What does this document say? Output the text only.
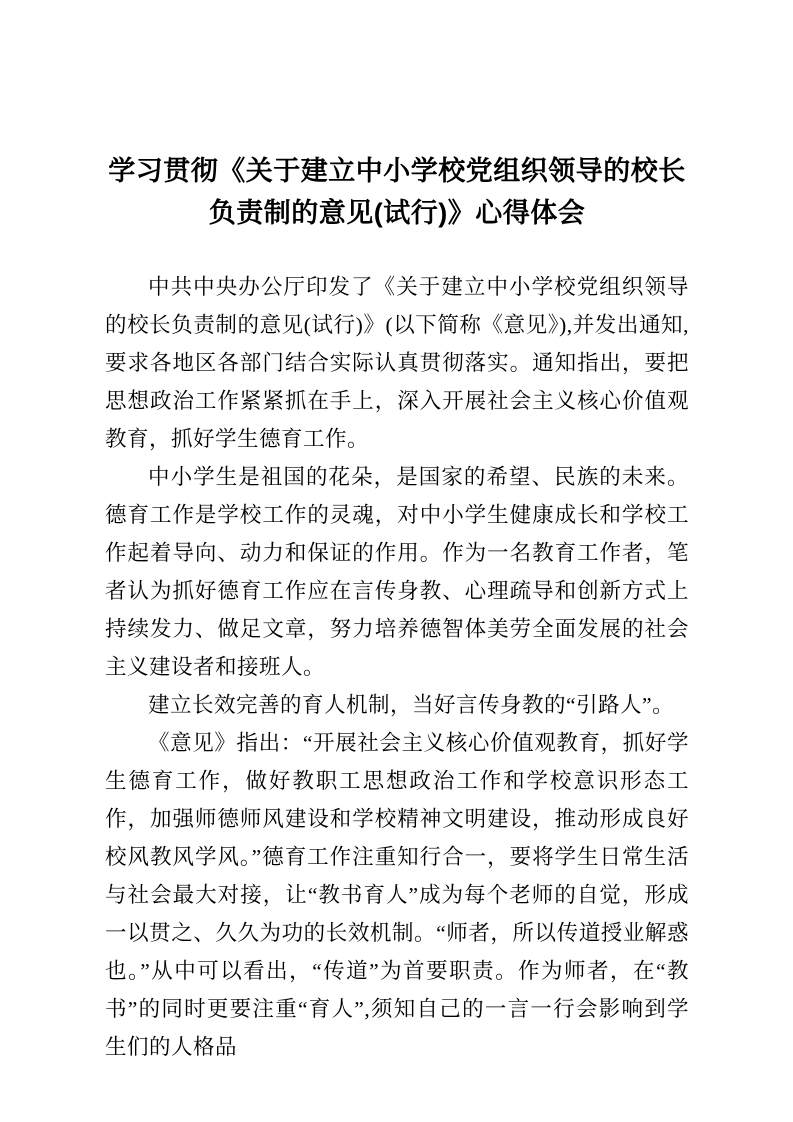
学习贯彻《关于建立中小学校党组织领导的校长负责制的意见(试行)》心得体会

中共中央办公厅印发了《关于建立中小学校党组织领导的校长负责制的意见(试行)》(以下简称《意见》),并发出通知,要求各地区各部门结合实际认真贯彻落实。通知指出，要把思想政治工作紧紧抓在手上，深入开展社会主义核心价值观教育，抓好学生德育工作。

中小学生是祖国的花朵，是国家的希望、民族的未来。德育工作是学校工作的灵魂，对中小学生健康成长和学校工作起着导向、动力和保证的作用。作为一名教育工作者，笔者认为抓好德育工作应在言传身教、心理疏导和创新方式上持续发力、做足文章，努力培养德智体美劳全面发展的社会主义建设者和接班人。

建立长效完善的育人机制，当好言传身教的“引路人”。

《意见》指出：“开展社会主义核心价值观教育，抓好学生德育工作，做好教职工思想政治工作和学校意识形态工作，加强师德师风建设和学校精神文明建设，推动形成良好校风教风学风。”德育工作注重知行合一，要将学生日常生活与社会最大对接，让“教书育人”成为每个老师的自觉，形成一以贯之、久久为功的长效机制。“师者，所以传道授业解惑也。”从中可以看出，“传道”为首要职责。作为师者，在“教书”的同时更要注重“育人”,须知自己的一言一行会影响到学生们的人格品
